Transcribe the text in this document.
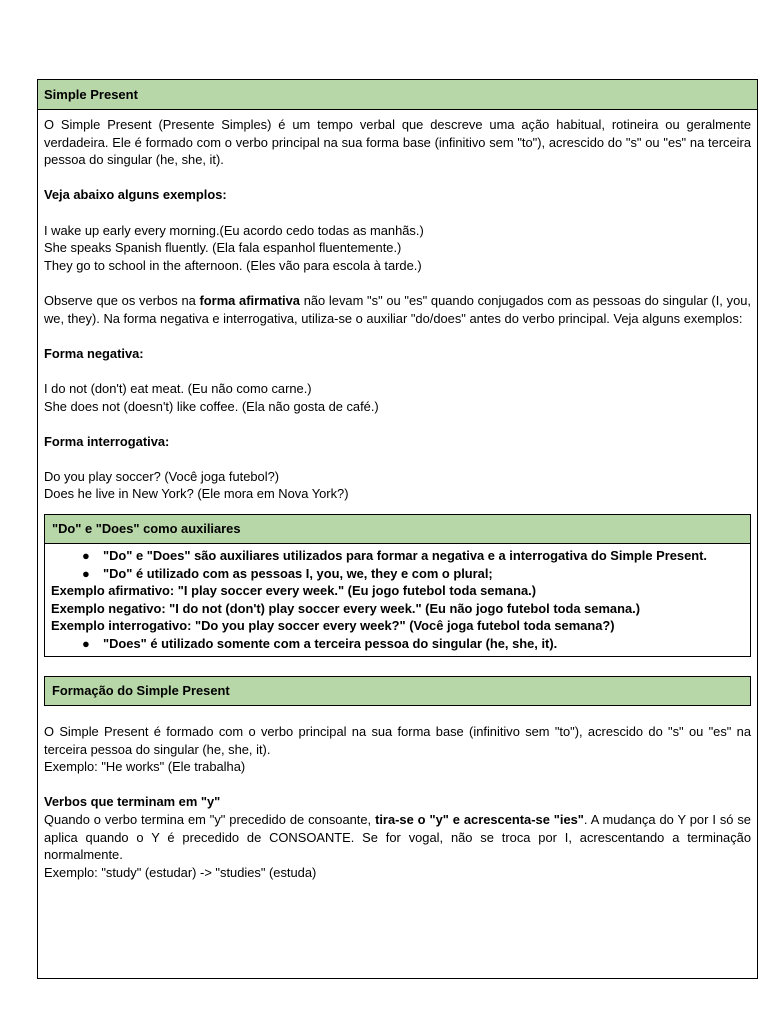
Simple Present

O Simple Present (Presente Simples) é um tempo verbal que descreve uma ação habitual, rotineira ou geralmente verdadeira. Ele é formado com o verbo principal na sua forma base (infinitivo sem "to"), acrescido do "s" ou "es" na terceira pessoa do singular (he, she, it).

Veja abaixo alguns exemplos:

I wake up early every morning.(Eu acordo cedo todas as manhãs.)

She speaks Spanish fluently. (Ela fala espanhol fluentemente.)

They go to school in the afternoon. (Eles vão para escola à tarde.)

Observe que os verbos na forma afirmativa não levam "s" ou "es" quando conjugados com as pessoas do singular (I, you, we, they). Na forma negativa e interrogativa, utiliza-se o auxiliar "do/does" antes do verbo principal. Veja alguns exemplos:

Forma negativa:

I do not (don't) eat meat. (Eu não como carne.)

She does not (doesn't) like coffee. (Ela não gosta de café.)

Forma interrogativa:

Do you play soccer? (Você joga futebol?)

Does he live in New York? (Ele mora em Nova York?)

"Do" e "Does" como auxiliares
● "Do" e "Does" são auxiliares utilizados para formar a negativa e a interrogativa do Simple Present.
● "Do" é utilizado com as pessoas I, you, we, they e com o plural;
Exemplo afirmativo: "I play soccer every week." (Eu jogo futebol toda semana.)
Exemplo negativo: "I do not (don't) play soccer every week." (Eu não jogo futebol toda semana.)
Exemplo interrogativo: "Do you play soccer every week?" (Você joga futebol toda semana?)
● "Does" é utilizado somente com a terceira pessoa do singular (he, she, it).
Formação do Simple Present

O Simple Present é formado com o verbo principal na sua forma base (infinitivo sem "to"), acrescido do "s" ou "es" na terceira pessoa do singular (he, she, it).

Exemplo: "He works" (Ele trabalha)

Verbos que terminam em "y"

Quando o verbo termina em "y" precedido de consoante, tira-se o "y" e acrescenta-se "ies". A mudança do Y por I só se aplica quando o Y é precedido de CONSOANTE. Se for vogal, não se troca por I, acrescentando a terminação normalmente.

Exemplo: "study" (estudar) -> "studies" (estuda)
